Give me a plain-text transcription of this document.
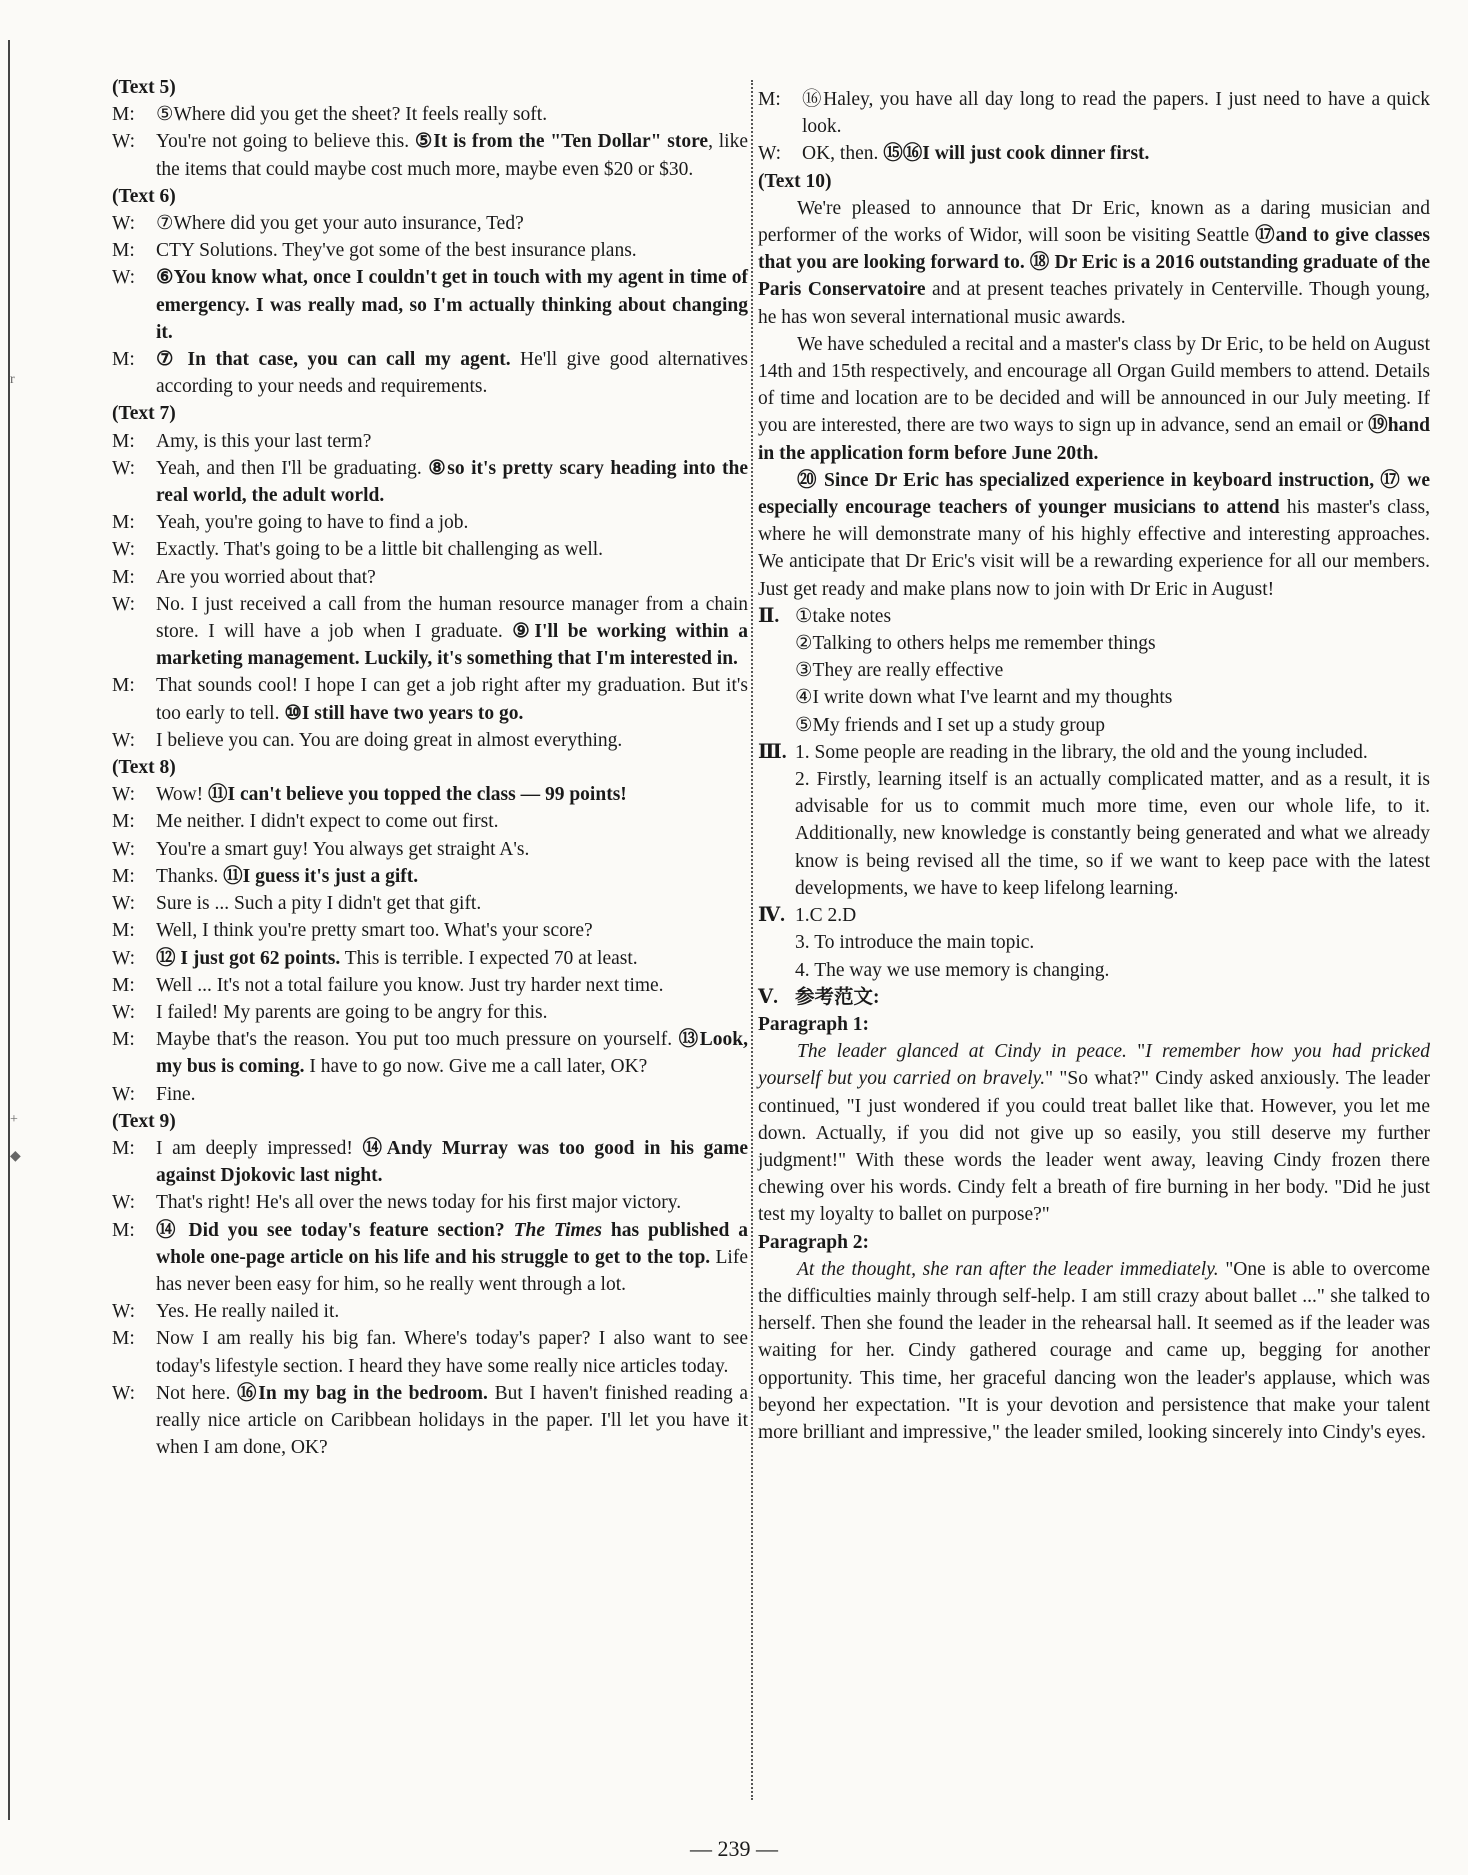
r
+
◆

(Text 5)

M:	⑤Where did you get the sheet? It feels really soft.
W:	You're not going to believe this. ⑤It is from the "Ten Dollar" store, like the items that could maybe cost much more, maybe even $20 or $30.

(Text 6)

W:	⑦Where did you get your auto insurance, Ted?
M:	CTY Solutions. They've got some of the best insurance plans.
W:	⑥You know what, once I couldn't get in touch with my agent in time of emergency. I was really mad, so I'm actually thinking about changing it.
M:	⑦ In that case, you can call my agent. He'll give good alternatives according to your needs and requirements.

(Text 7)

M:	Amy, is this your last term?
W:	Yeah, and then I'll be graduating. ⑧so it's pretty scary heading into the real world, the adult world.
M:	Yeah, you're going to have to find a job.
W:	Exactly. That's going to be a little bit challenging as well.
M:	Are you worried about that?
W:	No. I just received a call from the human resource manager from a chain store. I will have a job when I graduate. ⑨I'll be working within a marketing management. Luckily, it's something that I'm interested in.
M:	That sounds cool! I hope I can get a job right after my graduation. But it's too early to tell. ⑩I still have two years to go.
W:	I believe you can. You are doing great in almost everything.

(Text 8)

W:	Wow! ⑪I can't believe you topped the class — 99 points!
M:	Me neither. I didn't expect to come out first.
W:	You're a smart guy! You always get straight A's.
M:	Thanks. ⑪I guess it's just a gift.
W:	Sure is ... Such a pity I didn't get that gift.
M:	Well, I think you're pretty smart too. What's your score?
W:	⑫ I just got 62 points. This is terrible. I expected 70 at least.
M:	Well ... It's not a total failure you know. Just try harder next time.
W:	I failed! My parents are going to be angry for this.
M:	Maybe that's the reason. You put too much pressure on yourself. ⑬Look, my bus is coming. I have to go now. Give me a call later, OK?
W:	Fine.

(Text 9)

M:	I am deeply impressed! ⑭Andy Murray was too good in his game against Djokovic last night.
W:	That's right! He's all over the news today for his first major victory.
M:	⑭ Did you see today's feature section? The Times has published a whole one-page article on his life and his struggle to get to the top. Life has never been easy for him, so he really went through a lot.
W:	Yes. He really nailed it.
M:	Now I am really his big fan. Where's today's paper? I also want to see today's lifestyle section. I heard they have some really nice articles today.
W:	Not here. ⑯In my bag in the bedroom. But I haven't finished reading a really nice article on Caribbean holidays in the paper. I'll let you have it when I am done, OK?
M:	⑯Haley, you have all day long to read the papers. I just need to have a quick look.
W:	OK, then. ⑮⑯I will just cook dinner first.

(Text 10)

We're pleased to announce that Dr Eric, known as a daring musician and performer of the works of Widor, will soon be visiting Seattle ⑰and to give classes that you are looking forward to. ⑱ Dr Eric is a 2016 outstanding graduate of the Paris Conservatoire and at present teaches privately in Centerville. Though young, he has won several international music awards.

We have scheduled a recital and a master's class by Dr Eric, to be held on August 14th and 15th respectively, and encourage all Organ Guild members to attend. Details of time and location are to be decided and will be announced in our July meeting. If you are interested, there are two ways to sign up in advance, send an email or ⑲hand in the application form before June 20th.

⑳ Since Dr Eric has specialized experience in keyboard instruction, ⑰ we especially encourage teachers of younger musicians to attend his master's class, where he will demonstrate many of his highly effective and interesting approaches. We anticipate that Dr Eric's visit will be a rewarding experience for all our members. Just get ready and make plans now to join with Dr Eric in August!

Ⅱ. ①take notes

②Talking to others helps me remember things

③They are really effective

④I write down what I've learnt and my thoughts

⑤My friends and I set up a study group

Ⅲ. 1. Some people are reading in the library, the old and the young included.

2. Firstly, learning itself is an actually complicated matter, and as a result, it is advisable for us to commit much more time, even our whole life, to it. Additionally, new knowledge is constantly being generated and what we already know is being revised all the time, so if we want to keep pace with the latest developments, we have to keep lifelong learning.

Ⅳ. 1.C 2.D

3. To introduce the main topic.

4. The way we use memory is changing.

Ⅴ. 参考范文:

Paragraph 1:

The leader glanced at Cindy in peace. "I remember how you had pricked yourself but you carried on bravely." "So what?" Cindy asked anxiously. The leader continued, "I just wondered if you could treat ballet like that. However, you let me down. Actually, if you did not give up so easily, you still deserve my further judgment!" With these words the leader went away, leaving Cindy frozen there chewing over his words. Cindy felt a breath of fire burning in her body. "Did he just test my loyalty to ballet on purpose?"

Paragraph 2:

At the thought, she ran after the leader immediately. "One is able to overcome the difficulties mainly through self-help. I am still crazy about ballet ..." she talked to herself. Then she found the leader in the rehearsal hall. It seemed as if the leader was waiting for her. Cindy gathered courage and came up, begging for another opportunity. This time, her graceful dancing won the leader's applause, which was beyond her expectation. "It is your devotion and persistence that make your talent more brilliant and impressive," the leader smiled, looking sincerely into Cindy's eyes.

— 239 —
